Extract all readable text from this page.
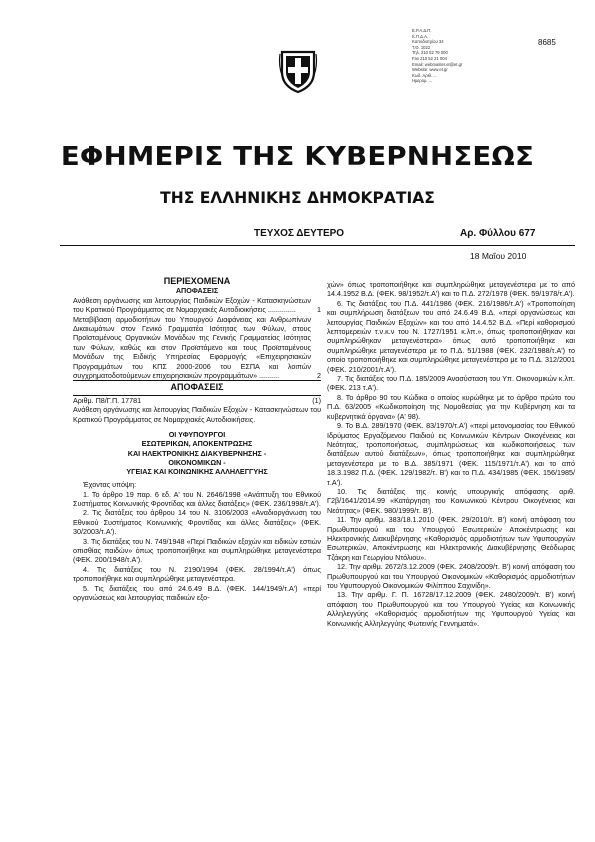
Ε.Ρ.Α.Δ.Π.
Κ.Π.Δ.Α.
Καποδιστρίου 34
Τ.Θ. 1022
Τηλ. 210 52 79 000
Fax 210 52 21 004
Email: webmaster.et@et.gr
Website: www.et.gr
Κωδ. Αριθ. ...
Ημερομ. ...
8685
ΕΦΗΜΕΡΙΣ ΤΗΣ ΚΥΒΕΡΝΗΣΕΩΣ
ΤΗΣ ΕΛΛΗΝΙΚΗΣ ΔΗΜΟΚΡΑΤΙΑΣ
ΤΕΥΧΟΣ ΔΕΥΤΕΡΟ	Αρ. Φύλλου 677
18 Μαΐου 2010

ΠΕΡΙΕΧΟΜΕΝΑ

ΑΠΟΦΑΣΕΙΣ

Ανάθεση οργάνωσης και λειτουργίας Παιδικών Εξοχών - Κατασκηνώσεων του Κρατικού Προγράμματος σε Νομαρχιακές Αυτοδιοικήσεις ..............	1

Μεταβίβαση αρμοδιοτήτων του Υπουργού Διαφάνειας και Ανθρωπίνων Δικαιωμάτων στον Γενικό Γραμματέα Ισότητας των Φύλων, στους Προϊσταμένους Οργανικών Μονάδων της Γενικής Γραμματείας Ισότητας των Φύλων, καθώς και στον Προϊστάμενο και τους Προϊσταμένους Μονάδων της Ειδικής Υπηρεσίας Εφαρμογής «Επιχειρησιακών Προγραμμάτων του ΚΠΣ 2000-2006 του ΕΣΠΑ και λοιπών συγχρηματοδοτούμενων επιχειρησιακών προγραμμάτων» ..........	2

ΑΠΟΦΑΣΕΙΣ

Αριθμ. Π8/Γ.Π. 17781	(1)

Ανάθεση οργάνωσης και λειτουργίας Παιδικών Εξοχών - Κατασκηνώσεων του Κρατικού Προγράμματος σε Νομαρχιακές Αυτοδιοικήσεις.

ΟΙ ΥΦΥΠΟΥΡΓΟΙ
ΕΣΩΤΕΡΙΚΩΝ, ΑΠΟΚΕΝΤΡΩΣΗΣ
ΚΑΙ ΗΛΕΚΤΡΟΝΙΚΗΣ ΔΙΑΚΥΒΕΡΝΗΣΗΣ -
ΟΙΚΟΝΟΜΙΚΩΝ -
ΥΓΕΙΑΣ ΚΑΙ ΚΟΙΝΩΝΙΚΗΣ ΑΛΛΗΛΕΓΓΥΗΣ

Έχοντας υπόψη:

1. Το άρθρο 19 παρ. 6 εδ. Α' του Ν. 2646/1998 «Ανάπτυξη του Εθνικού Συστήματος Κοινωνικής Φροντίδας και άλλες διατάξεις» (ΦΕΚ. 236/1998/τ.Α').

2. Τις διατάξεις του άρθρου 14 του Ν. 3106/2003 «Αναδιοργάνωση του Εθνικού Συστήματος Κοινωνικής Φροντίδας και άλλες διατάξεις» (ΦΕΚ. 30/2003/τ.Α').

3. Τις διατάξεις του Ν. 749/1948 «Περί Παιδικών εξοχών και ειδικών εστιών οπισθίας παιδών» όπως τροποποιήθηκε και συμπληρώθηκε μεταγενέστερα (ΦΕΚ. 200/1948/τ.Α').

4. Τις διατάξεις του Ν. 2190/1994 (ΦΕΚ. 28/1994/τ.Α') όπως τροποποιήθηκε και συμπληρώθηκε μεταγενέστερα.

5. Τις διατάξεις του από 24.6.49 Β.Δ. (ΦΕΚ. 144/1949/τ.Α') «περί οργανώσεως και λειτουργίας παιδικών εξο-

χών» όπως τροποποιήθηκε και συμπληρώθηκε μεταγενέστερα με το από 14.4.1952 Β.Δ. (ΦΕΚ. 98/1952/τ.Α') και το Π.Δ. 272/1978 (ΦΕΚ. 59/1978/τ.Α').

6. Τις διατάξεις του Π.Δ. 441/1986 (ΦΕΚ. 216/1986/τ.Α') «Τροποποίηση και συμπλήρωση διατάξεων του από 24.6.49 Β.Δ. «περί οργανώσεως και λειτουργίας Παιδικών Εξοχών» και του από 14.4.52 Β.Δ. «Περί καθορισμού λεπτομερειών τ.ν.κ.ν του Ν. 1727/1951 κ.λπ.», όπως τροποποιήθηκαν και συμπληρώθηκαν μεταγενέστερα» όπως αυτό τροποποιήθηκε και συμπληρώθηκε μεταγενέστερα με το Π.Δ. 51/1988 (ΦΕΚ. 232/1988/τ.Α') το οποίο τροποποιήθηκε και συμπληρώθηκε μεταγενέστερα με το Π.Δ. 312/2001 (ΦΕΚ. 210/2001/τ.Α').

7. Τις διατάξεις του Π.Δ. 185/2009 Ανασύσταση του Υπ. Οικονομικών κ.λπ. (ΦΕΚ. 213 τ.Α').

8. Το άρθρο 90 του Κώδικα ο οποίος κυρώθηκε με το άρθρο πρώτο του Π.Δ. 63/2005 «Κωδικοποίηση της Νομοθεσίας για την Κυβέρνηση και τα κυβερνητικά όργανα» (Α' 98).

9. Το Β.Δ. 289/1970 (ΦΕΚ. 83/1970/τ.Α') «περί μετονομασίας του Εθνικού Ιδρύματος Εργαζόμενου Παιδιού εις Κοινωνικών Κέντρων Οικογένειας και Νεότητας, τροποποιήσεως, συμπληρώσεως και κωδικοποιήσεως των διατάξεων αυτού διατάξεων», όπως τροποποιήθηκε και συμπληρώθηκε μεταγενέστερα με το Β.Δ. 385/1971 (ΦΕΚ. 115/1971/τ.Α') και το από 18.3.1982 Π.Δ. (ΦΕΚ. 129/1982/τ. Β') και το Π.Δ. 434/1985 (ΦΕΚ. 156/1985/τ.Α').

10. Τις διατάξεις της κοινής υπουργικής απόφασης αριθ. Γ2β/1641/2014.99 «Κατάργηση του Κοινωνικού Κέντρου Οικογένειας και Νεότητας» (ΦΕΚ. 980/1999/τ. Β').

11. Την αριθμ. 383/18.1.2010 (ΦΕΚ. 29/2010/τ. Β') κοινή απόφαση του Πρωθυπουργού και του Υπουργού Εσωτερικών Αποκέντρωσης και Ηλεκτρονικής Διακυβέρνησης «Καθορισμός αρμοδιοτήτων των Υφυπουργών Εσωτερικών, Αποκέντρωσης και Ηλεκτρονικής Διακυβέρνησης Θεόδωρας Τζάκρη και Γεωργίου Ντόλιου».

12. Την αριθμ. 2672/3.12.2009 (ΦΕΚ. 2408/2009/τ. Β') κοινή απόφαση του Πρωθυπουργού και του Υπουργού Οικονομικών «Καθορισμός αρμοδιοτήτων του Υφυπουργού Οικονομικών Φιλίππου Σαχινίδη».

13. Την αριθμ. Γ. Π. 16728/17.12.2009 (ΦΕΚ. 2480/2009/τ. Β') κοινή απόφαση του Πρωθυπουργού και του Υπουργού Υγείας και Κοινωνικής Αλληλεγγύης «Καθορισμός αρμοδιοτήτων της Υφυπουργού Υγείας και Κοινωνικής Αλληλεγγύης Φωτεινής Γεννηματά».
